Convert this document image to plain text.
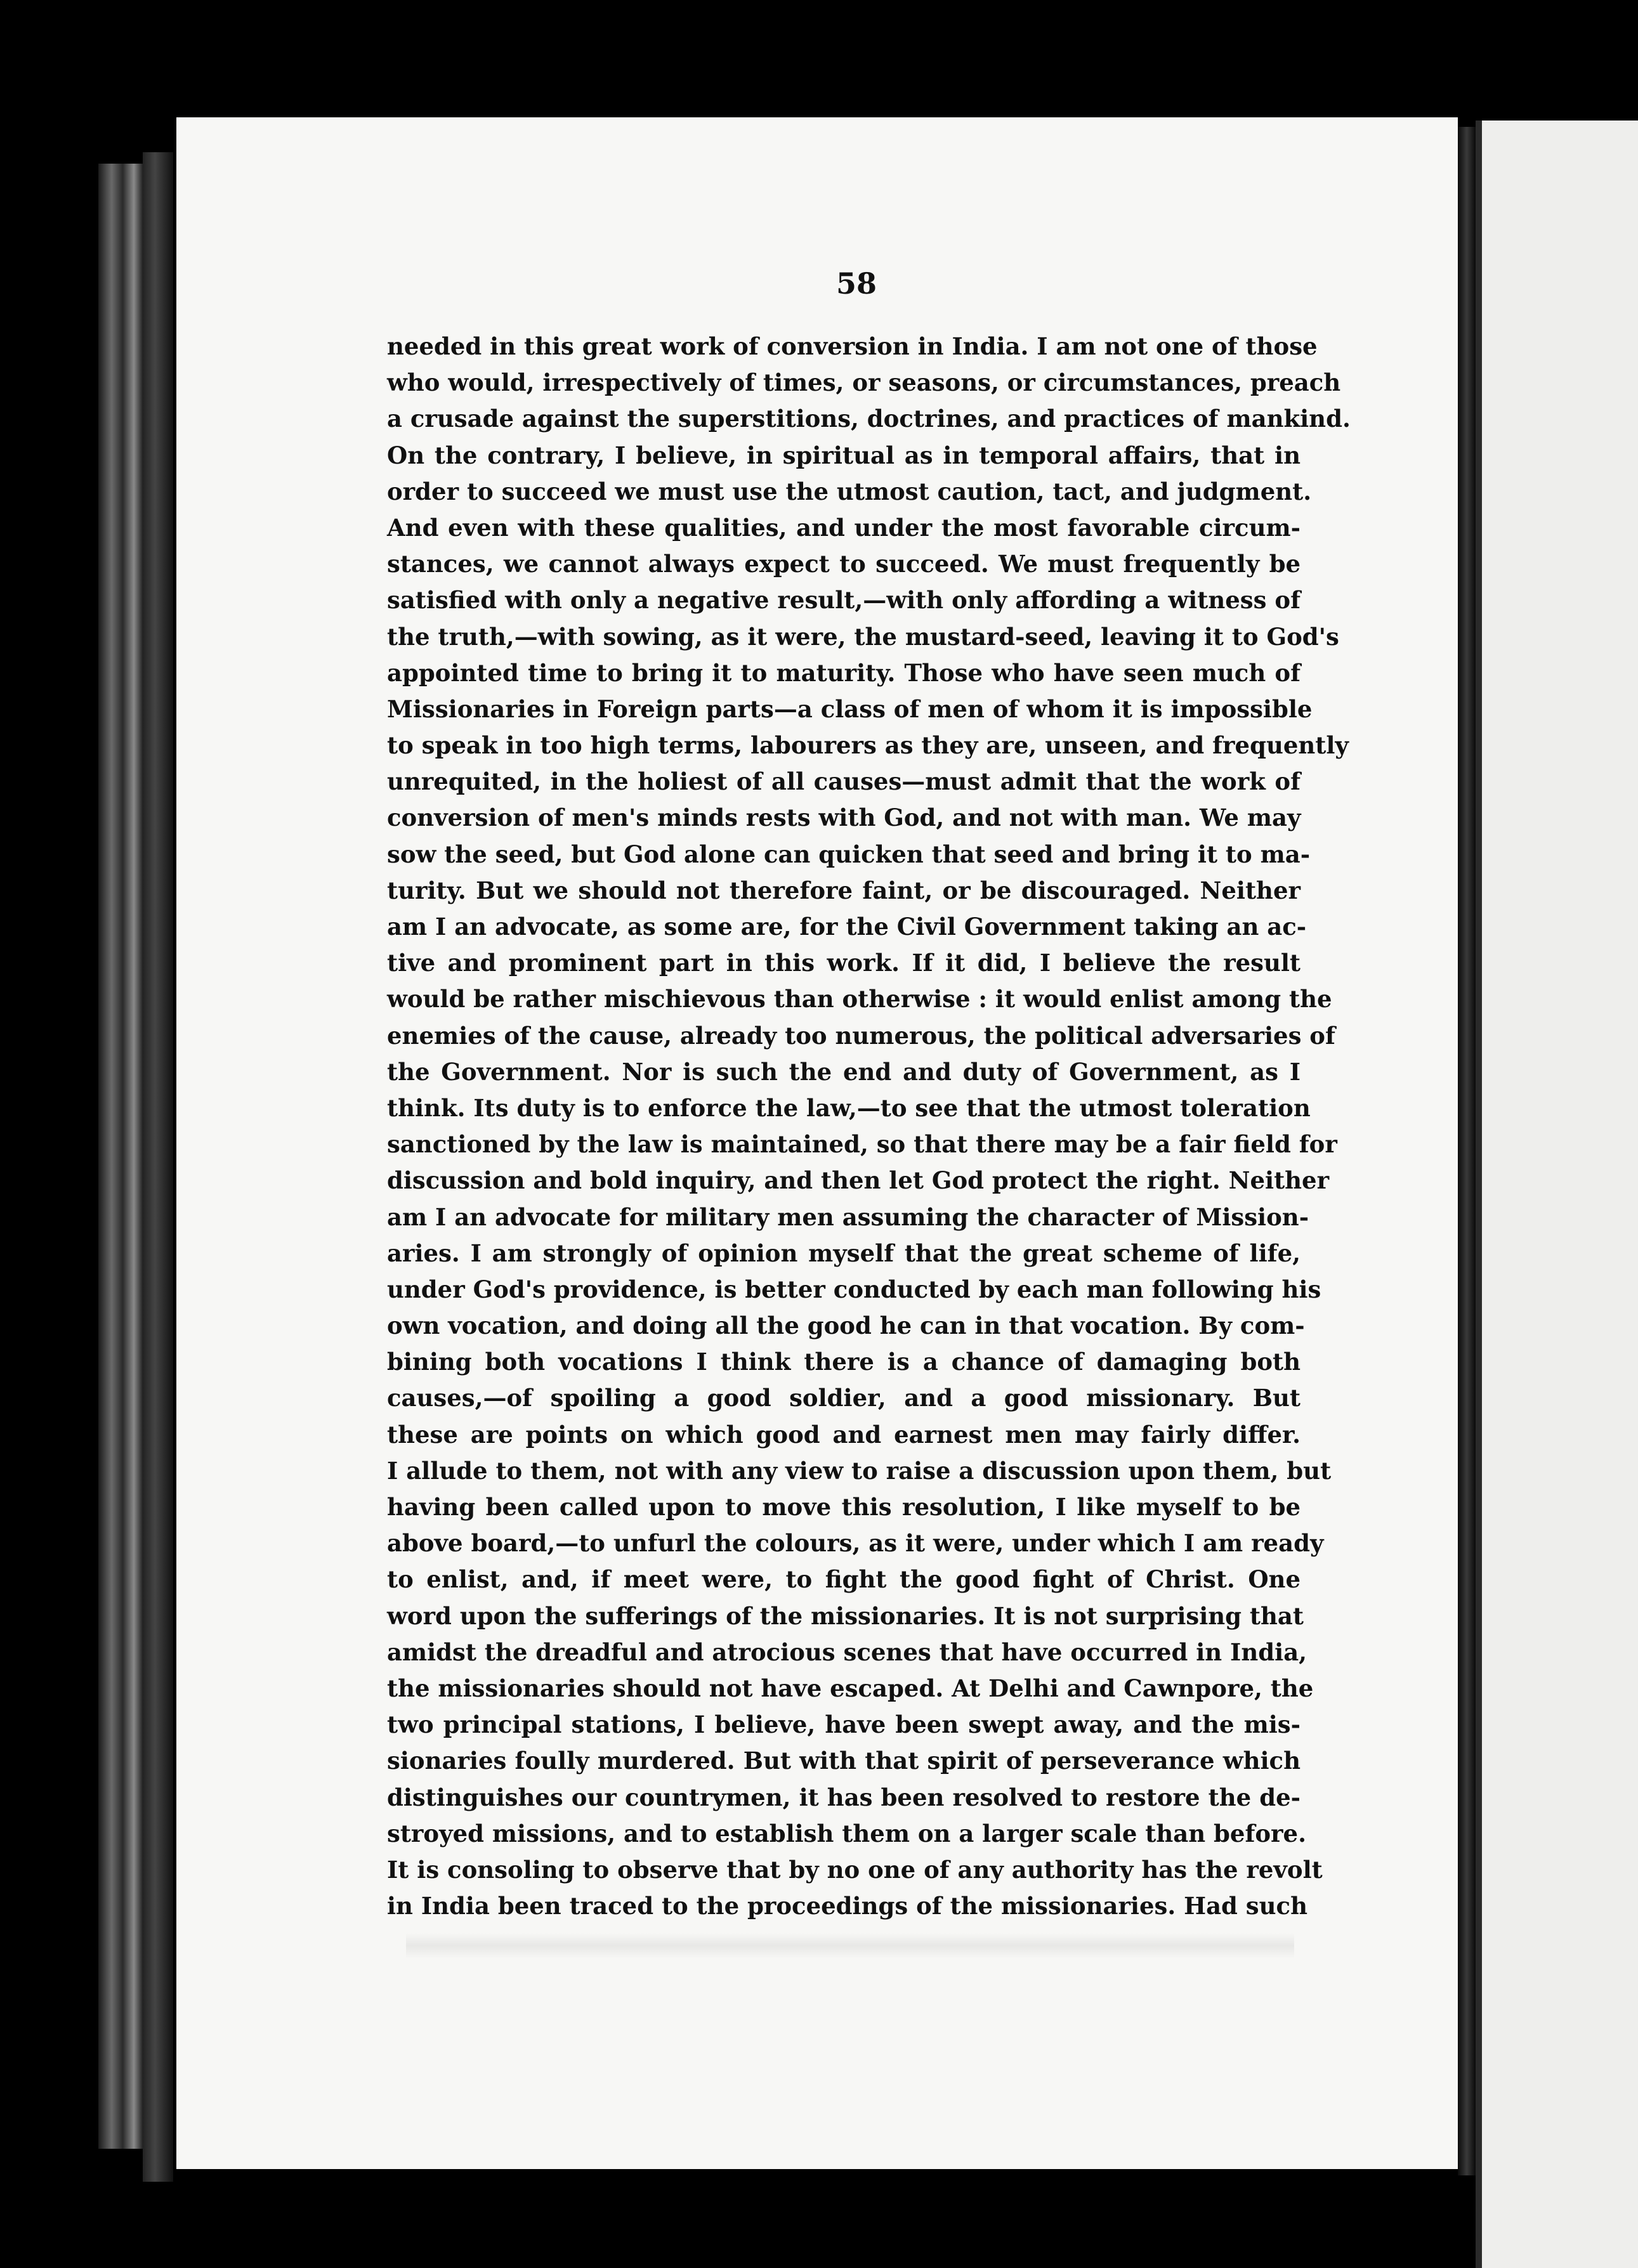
58
needed in this great work of conversion in India. I am not one of those
who would, irrespectively of times, or seasons, or circumstances, preach
a crusade against the superstitions, doctrines, and practices of mankind.
On the contrary, I believe, in spiritual as in temporal affairs, that in
order to succeed we must use the utmost caution, tact, and judgment.
And even with these qualities, and under the most favorable circum-
stances, we cannot always expect to succeed. We must frequently be
satisfied with only a negative result,—with only affording a witness of
the truth,—with sowing, as it were, the mustard-seed, leaving it to God's
appointed time to bring it to maturity. Those who have seen much of
Missionaries in Foreign parts—a class of men of whom it is impossible
to speak in too high terms, labourers as they are, unseen, and frequently
unrequited, in the holiest of all causes—must admit that the work of
conversion of men's minds rests with God, and not with man. We may
sow the seed, but God alone can quicken that seed and bring it to ma-
turity. But we should not therefore faint, or be discouraged. Neither
am I an advocate, as some are, for the Civil Government taking an ac-
tive and prominent part in this work. If it did, I believe the result
would be rather mischievous than otherwise : it would enlist among the
enemies of the cause, already too numerous, the political adversaries of
the Government. Nor is such the end and duty of Government, as I
think. Its duty is to enforce the law,—to see that the utmost toleration
sanctioned by the law is maintained, so that there may be a fair field for
discussion and bold inquiry, and then let God protect the right. Neither
am I an advocate for military men assuming the character of Mission-
aries. I am strongly of opinion myself that the great scheme of life,
under God's providence, is better conducted by each man following his
own vocation, and doing all the good he can in that vocation. By com-
bining both vocations I think there is a chance of damaging both
causes,—of spoiling a good soldier, and a good missionary. But
these are points on which good and earnest men may fairly differ.
I allude to them, not with any view to raise a discussion upon them, but
having been called upon to move this resolution, I like myself to be
above board,—to unfurl the colours, as it were, under which I am ready
to enlist, and, if meet were, to fight the good fight of Christ. One
word upon the sufferings of the missionaries. It is not surprising that
amidst the dreadful and atrocious scenes that have occurred in India,
the missionaries should not have escaped. At Delhi and Cawnpore, the
two principal stations, I believe, have been swept away, and the mis-
sionaries foully murdered. But with that spirit of perseverance which
distinguishes our countrymen, it has been resolved to restore the de-
stroyed missions, and to establish them on a larger scale than before.
It is consoling to observe that by no one of any authority has the revolt
in India been traced to the proceedings of the missionaries. Had such
